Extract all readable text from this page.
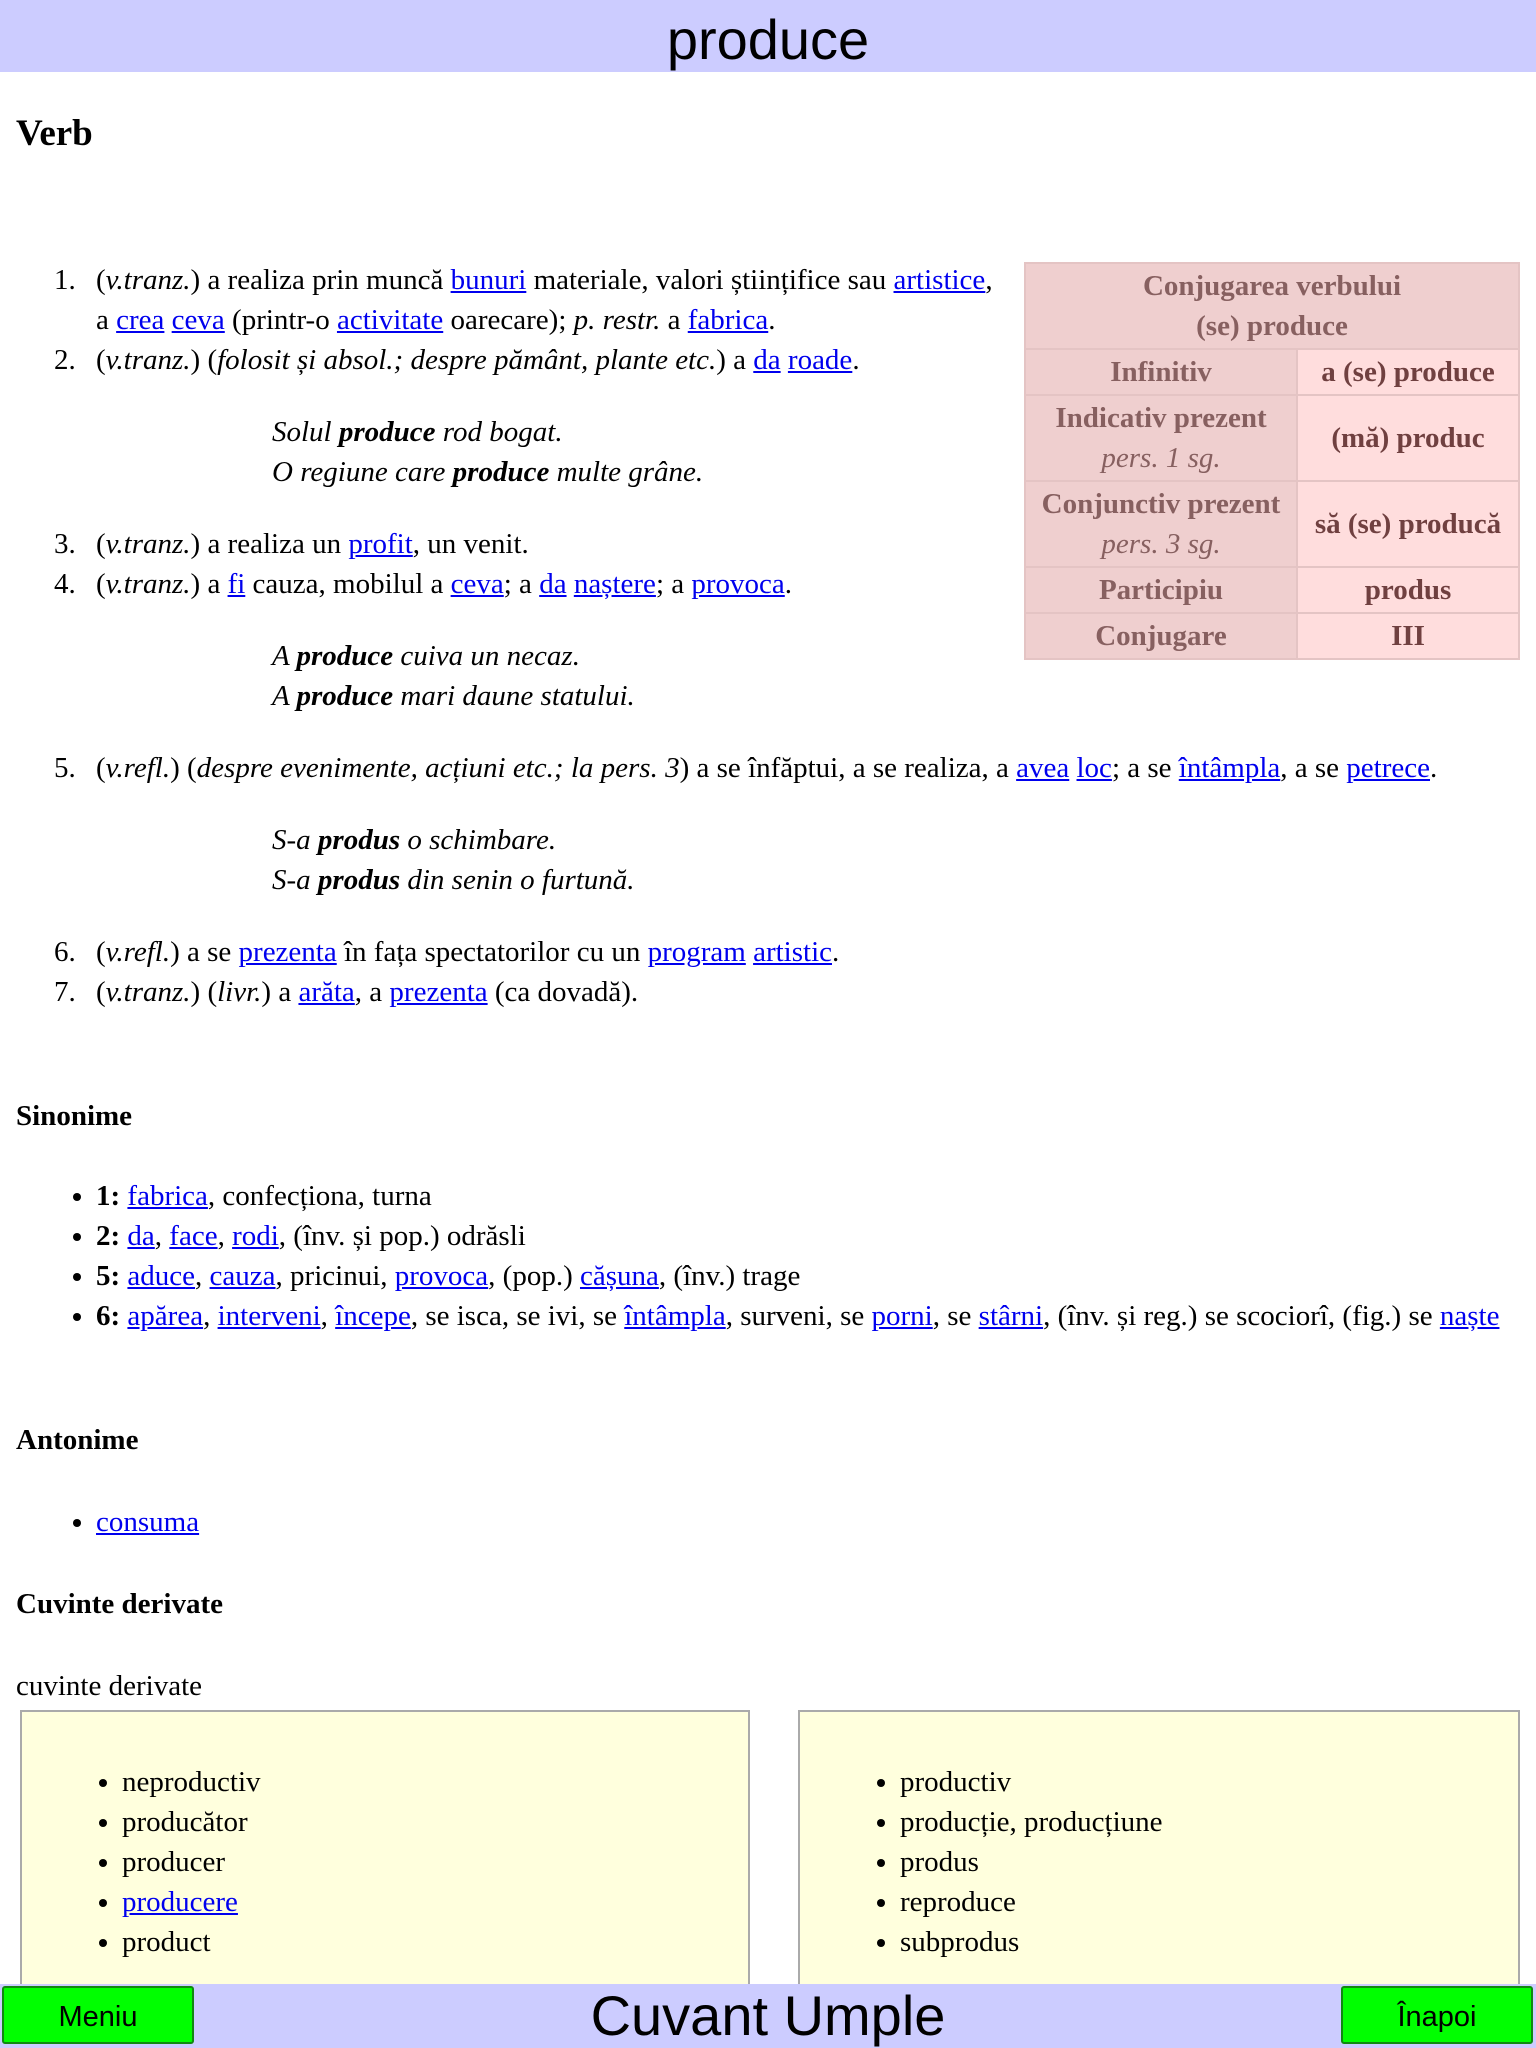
produce
Verb
Conjugarea verbului
(se) produce	
Infinitiv	a (se) produce
Indicativ prezent
pers. 1 sg.	(mă) produc
Conjunctiv prezent
pers. 3 sg.	să (se) producă
Participiu	produs
Conjugare	III
1. (v.tranz.) a realiza prin muncă bunuri materiale, valori științifice sau artistice, a crea ceva (printr-o activitate oarecare); p. restr. a fabrica.
2. (v.tranz.) (folosit și absol.; despre pământ, plante etc.) a da roade.
Solul produce rod bogat.
O regiune care produce multe grâne.
3. (v.tranz.) a realiza un profit, un venit.
4. (v.tranz.) a fi cauza, mobilul a ceva; a da naștere; a provoca.
A produce cuiva un necaz.
A produce mari daune statului.
5. (v.refl.) (despre evenimente, acțiuni etc.; la pers. 3) a se înfăptui, a se realiza, a avea loc; a se întâmpla, a se petrece.
S-a produs o schimbare.
S-a produs din senin o furtună.
6. (v.refl.) a se prezenta în fața spectatorilor cu un program artistic.
7. (v.tranz.) (livr.) a arăta, a prezenta (ca dovadă).
Sinonime
• 1: fabrica, confecționa, turna
• 2: da, face, rodi, (înv. și pop.) odrăsli
• 5: aduce, cauza, pricinui, provoca, (pop.) cășuna, (înv.) trage
• 6: apărea, interveni, începe, se isca, se ivi, se întâmpla, surveni, se porni, se stârni, (înv. și reg.) se scociorî, (fig.) se naște
Antonime
• consuma
Cuvinte derivate
cuvinte derivate
• neproductiv
• producător
• producer
• producere
• product
• productiv
• producție, producțiune
• produs
• reproduce
• subprodus
Cuvant Umple
Meniu	Înapoi
